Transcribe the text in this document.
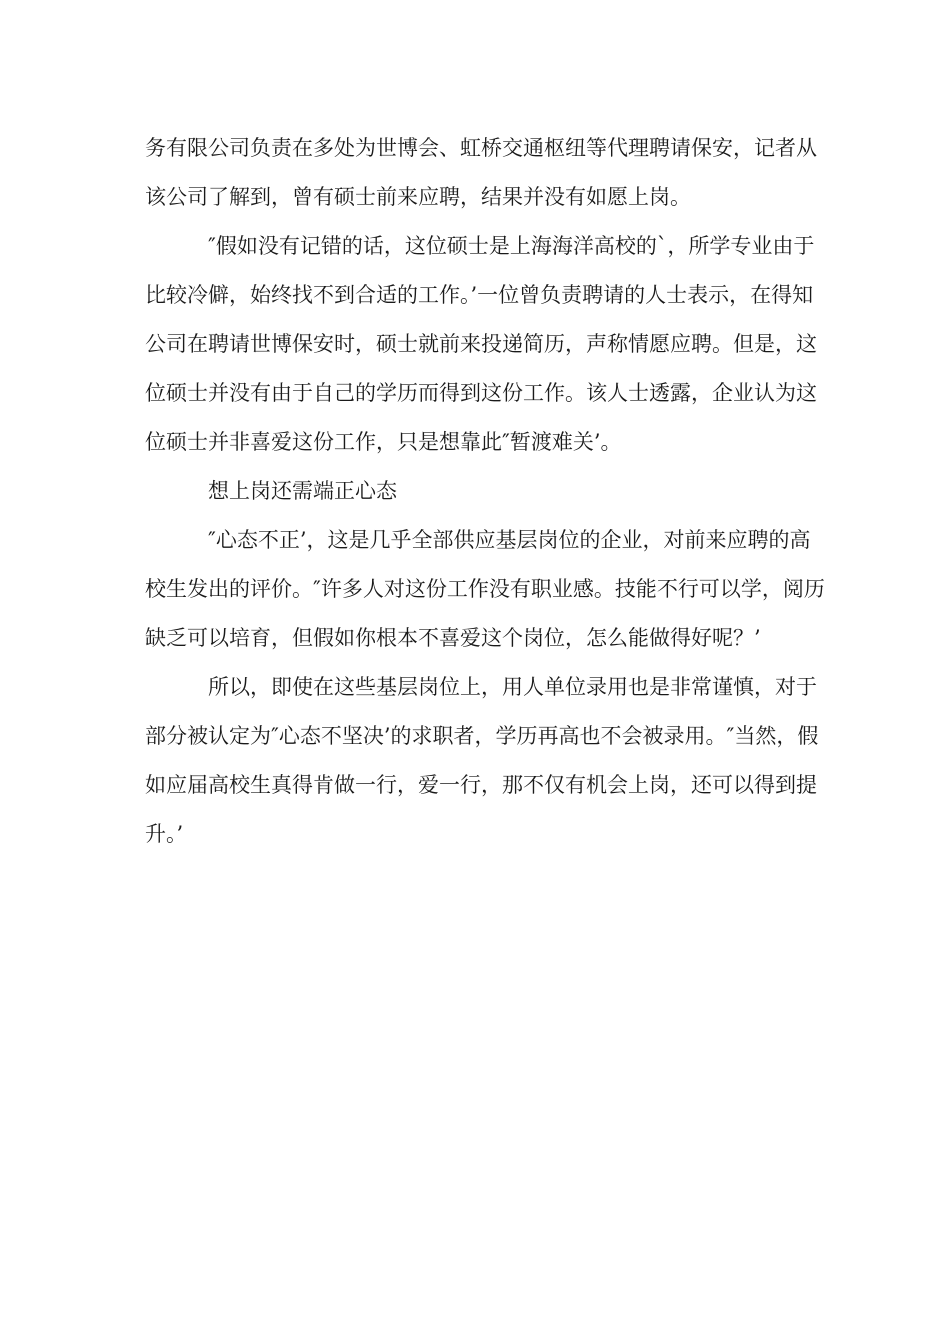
务有限公司负责在多处为世博会、虹桥交通枢纽等代理聘请保安，记者从该公司了解到，曾有硕士前来应聘，结果并没有如愿上岗。

″假如没有记错的话，这位硕士是上海海洋高校的`，所学专业由于比较冷僻，始终找不到合适的工作。’一位曾负责聘请的人士表示，在得知公司在聘请世博保安时，硕士就前来投递简历，声称情愿应聘。但是，这位硕士并没有由于自己的学历而得到这份工作。该人士透露，企业认为这位硕士并非喜爱这份工作，只是想靠此″暂渡难关’。

想上岗还需端正心态

″心态不正’，这是几乎全部供应基层岗位的企业，对前来应聘的高校生发出的评价。″许多人对这份工作没有职业感。技能不行可以学，阅历缺乏可以培育，但假如你根本不喜爱这个岗位，怎么能做得好呢？’

所以，即使在这些基层岗位上，用人单位录用也是非常谨慎，对于部分被认定为″心态不坚决’的求职者，学历再高也不会被录用。″当然，假如应届高校生真得肯做一行，爱一行，那不仅有机会上岗，还可以得到提升。’
